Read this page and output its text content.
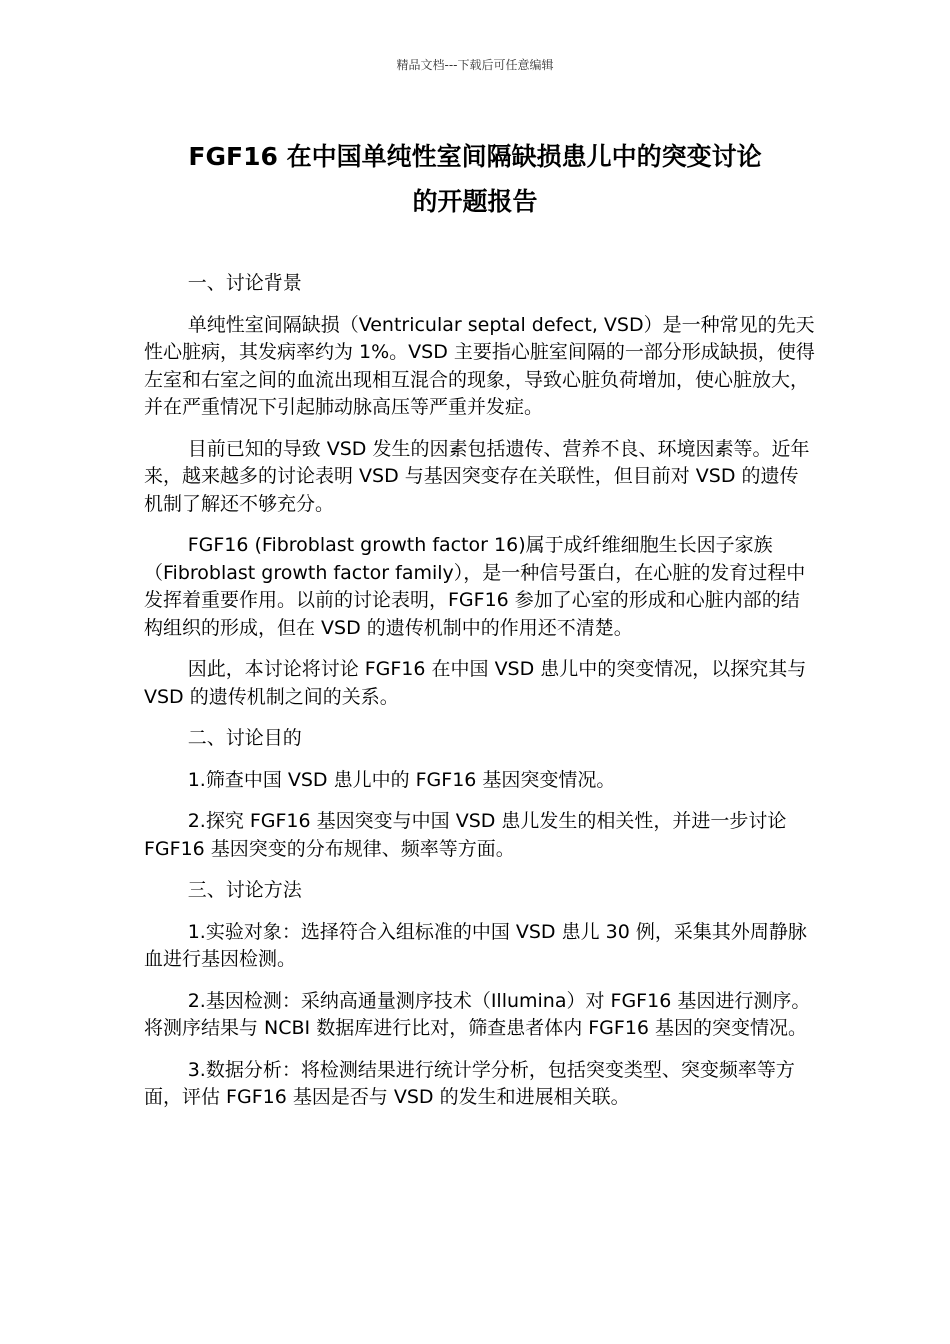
精品文档---下载后可任意编辑
FGF16 在中国单纯性室间隔缺损患儿中的突变讨论
的开题报告

一、讨论背景

单纯性室间隔缺损（Ventricular septal defect, VSD）是一种常见的先天性心脏病，其发病率约为 1%。VSD 主要指心脏室间隔的一部分形成缺损，使得左室和右室之间的血流出现相互混合的现象，导致心脏负荷增加，使心脏放大，并在严重情况下引起肺动脉高压等严重并发症。

目前已知的导致 VSD 发生的因素包括遗传、营养不良、环境因素等。近年来，越来越多的讨论表明 VSD 与基因突变存在关联性，但目前对 VSD 的遗传机制了解还不够充分。

FGF16 (Fibroblast growth factor 16)属于成纤维细胞生长因子家族（Fibroblast growth factor family），是一种信号蛋白，在心脏的发育过程中发挥着重要作用。以前的讨论表明，FGF16 参加了心室的形成和心脏内部的结构组织的形成，但在 VSD 的遗传机制中的作用还不清楚。

因此，本讨论将讨论 FGF16 在中国 VSD 患儿中的突变情况，以探究其与 VSD 的遗传机制之间的关系。

二、讨论目的

1.筛查中国 VSD 患儿中的 FGF16 基因突变情况。

2.探究 FGF16 基因突变与中国 VSD 患儿发生的相关性，并进一步讨论 FGF16 基因突变的分布规律、频率等方面。

三、讨论方法

1.实验对象：选择符合入组标准的中国 VSD 患儿 30 例，采集其外周静脉血进行基因检测。

2.基因检测：采纳高通量测序技术（Illumina）对 FGF16 基因进行测序。将测序结果与 NCBI 数据库进行比对，筛查患者体内 FGF16 基因的突变情况。

3.数据分析：将检测结果进行统计学分析，包括突变类型、突变频率等方面，评估 FGF16 基因是否与 VSD 的发生和进展相关联。
